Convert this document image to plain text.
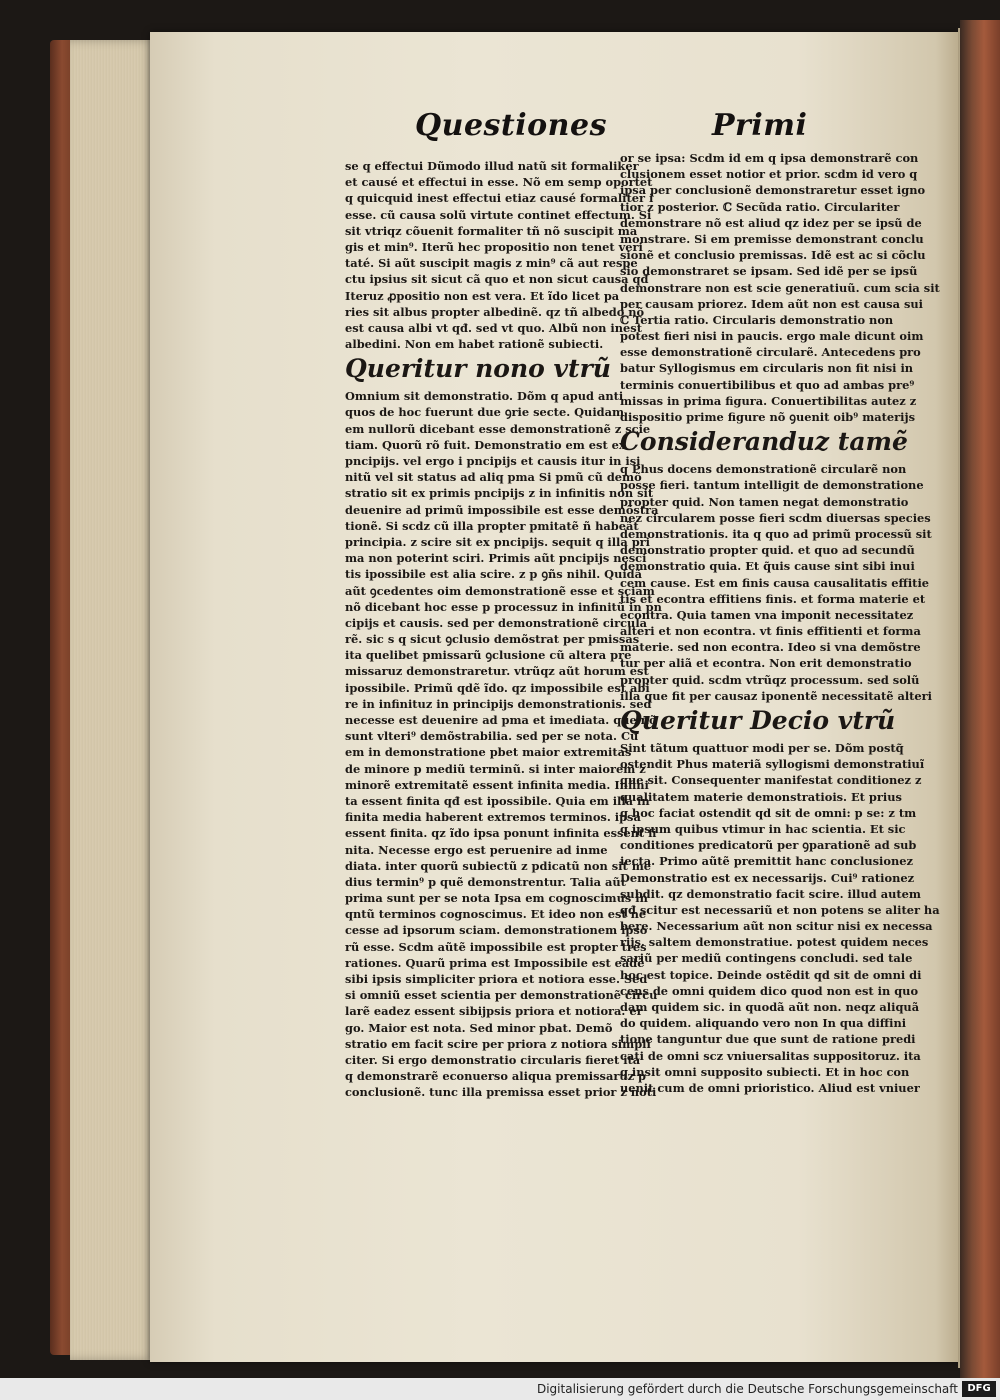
Questiones	Primi
se q effectui Dũmodo illud natũ sit formaliker
et causé et effectui in esse. Nõ em semp oportet
q quicquid inest effectui etiaz causé formaliter i
esse. cũ causa solũ virtute continet effectum. Si
sit vtriqz cõuenit formaliter tñ nõ suscipit ma
gis et min⁹. Iterũ hec propositio non tenet veri
taté. Si aũt suscipit magis z min⁹ cã aut respe
ctu ipsius sit sicut cã quo et non sicut causa qđ
Iteruz ꝓpositio non est vera. Et ĩdo licet pa
ries sit albus propter albedinẽ. qz tñ albedo nõ
est causa albi vt qđ. sed vt quo. Albũ non inest
albedini. Non em habet rationẽ subiecti.
Queritur nono vtrũ
Omnium sit demonstratio. Dõm q apud anti
quos de hoc fuerunt due ꝯrie secte. Quidam
em nullorũ dicebant esse demonstrationẽ z scie
tiam. Quorũ rõ fuit. Demonstratio em est ex
pncipijs. vel ergo i pncipijs et causis itur in isi
nitũ vel sit status ad aliq pma Si pmũ cũ demõ
stratio sit ex primis pncipijs z in infinitis non sit
deuenire ad primũ impossibile est esse demõstra
tionẽ. Si scdz cũ illa propter pmitatẽ ñ habeãt
principia. z scire sit ex pncipijs. sequit q illa pri
ma non poterint sciri. Primis aũt pncipijs nesci
tis ipossibile est alia scire. z p ꝯñs nihil. Quidã
aũt ꝯcedentes oim demonstrationẽ esse et sciam
nõ dicebant hoc esse p processuz in infinitũ in pn
cipijs et causis. sed per demonstrationẽ circula
rẽ. sic s q sicut ꝯclusio demõstrat per pmissas
ita quelibet pmissarũ ꝯclusione cũ altera pre
missaruz demonstraretur. vtrũqz aũt horum est
ipossibile. Primũ qdẽ ĩdo. qz impossibile est abi
re in infinituz in principijs demonstrationis. sed
necesse est deuenire ad pma et imediata. que nõ
sunt vlteri⁹ demõstrabilia. sed per se nota. Cũ
em in demonstratione pbet maior extremitas
de minore p mediũ terminũ. si inter maiorem z
minorẽ extremitatẽ essent infinita media. Infini
ta essent finita qđ est ipossibile. Quia em illa in
finita media haberent extremos terminos. ipsa
essent finita. qz ĩdo ipsa ponunt infinita essent fi
nita. Necesse ergo est peruenire ad inme
diata. inter quorũ subiectũ z pdicatũ non sit me
dius termin⁹ p quẽ demonstrentur. Talia aũt
prima sunt per se nota Ipsa em cognoscimus in
qntũ terminos cognoscimus. Et ideo non est ne
cesse ad ipsorum sciam. demonstrationem ipso
rũ esse. Scdm aũtẽ impossibile est propter tres
rationes. Quarũ prima est Impossibile est eadẽ
sibi ipsis simpliciter priora et notiora esse. Sed
si omniũ esset scientia per demonstrationẽ circu
larẽ eadez essent sibijpsis priora et notiora. er
go. Maior est nota. Sed minor pbat. Demõ
stratio em facit scire per priora z notiora simpli
citer. Si ergo demonstratio circularis fieret ita
q demonstrarẽ econuerso aliqua premissaruz p
conclusionẽ. tunc illa premissa esset prior z noti
or se ipsa: Scdm id em q ipsa demonstrarẽ con
clusionem esset notior et prior. scdm id vero q
ipsa per conclusionẽ demonstraretur esset igno
tior z posterior. ℂ Secũda ratio. Circulariter
demonstrare nõ est aliud qz idez per se ipsũ de
monstrare. Si em premisse demonstrant conclu
sionẽ et conclusio premissas. Idẽ est ac si cõclu
sio demonstraret se ipsam. Sed idẽ per se ipsũ
demonstrare non est scie generatiuũ. cum scia sit
per causam priorez. Idem aũt non est causa sui
ℂ Tertia ratio. Circularis demonstratio non
potest fieri nisi in paucis. ergo male dicunt oim
esse demonstrationẽ circularẽ. Antecedens pro
batur Syllogismus em circularis non fit nisi in
terminis conuertibilibus et quo ad ambas pre⁹
missas in prima figura. Conuertibilitas autez z
dispositio prime figure nõ ꝯuenit oib⁹ materijs
Consideranduz tamẽ
q Phus docens demonstrationẽ circularẽ non
posse fieri. tantum intelligit de demonstratione
propter quid. Non tamen negat demonstratio
nez circularem posse fieri scdm diuersas species
demonstrationis. ita q quo ad primũ processũ sit
demonstratio propter quid. et quo ad secundũ
demonstratio quia. Et q̃uis cause sint sibi inui
cem cause. Est em finis causa causalitatis effitie
tis et econtra effitiens finis. et forma materie et
econtra. Quia tamen vna imponit necessitatez
alteri et non econtra. vt finis effitienti et forma
materie. sed non econtra. Ideo si vna demõstre
tur per aliã et econtra. Non erit demonstratio
propter quid. scdm vtrũqz processum. sed solũ
illa que fit per causaz iponentẽ necessitatẽ alteri
Queritur Decio vtrũ
Sint tãtum quattuor modi per se. Dõm postq̃
ostendit Phus materiã syllogismi demonstratiuĩ
que sit. Consequenter manifestat conditionez z
qualitatem materie demonstratiois. Et prius
q hoc faciat ostendit qd sit de omni: p se: z tm
q ipsum quibus vtimur in hac scientia. Et sic
conditiones predicatorũ per ꝯparationẽ ad sub
iecta. Primo aũtẽ premittit hanc conclusionez
Demonstratio est ex necessarijs. Cui⁹ rationez
subdit. qz demonstratio facit scire. illud autem
qđ scitur est necessariũ et non potens se aliter ha
bere. Necessarium aũt non scitur nisi ex necessa
rijs. saltem demonstratiue. potest quidem neces
sariũ per mediũ contingens concludi. sed tale
hoc est topice. Deinde ostẽdit qd sit de omni di
cens de omni quidem dico quod non est in quo
dam quidem sic. in quodã aũt non. neqz aliquã
do quidem. aliquando vero non In qua diffini
tione tanguntur due que sunt de ratione predi
cati de omni scz vniuersalitas suppositoruz. ita
q insit omni supposito subiecti. Et in hoc con
uenit cum de omni prioristico. Aliud est vniuer
Digitalisierung gefördert durch die Deutsche Forschungsgemeinschaft DFG
